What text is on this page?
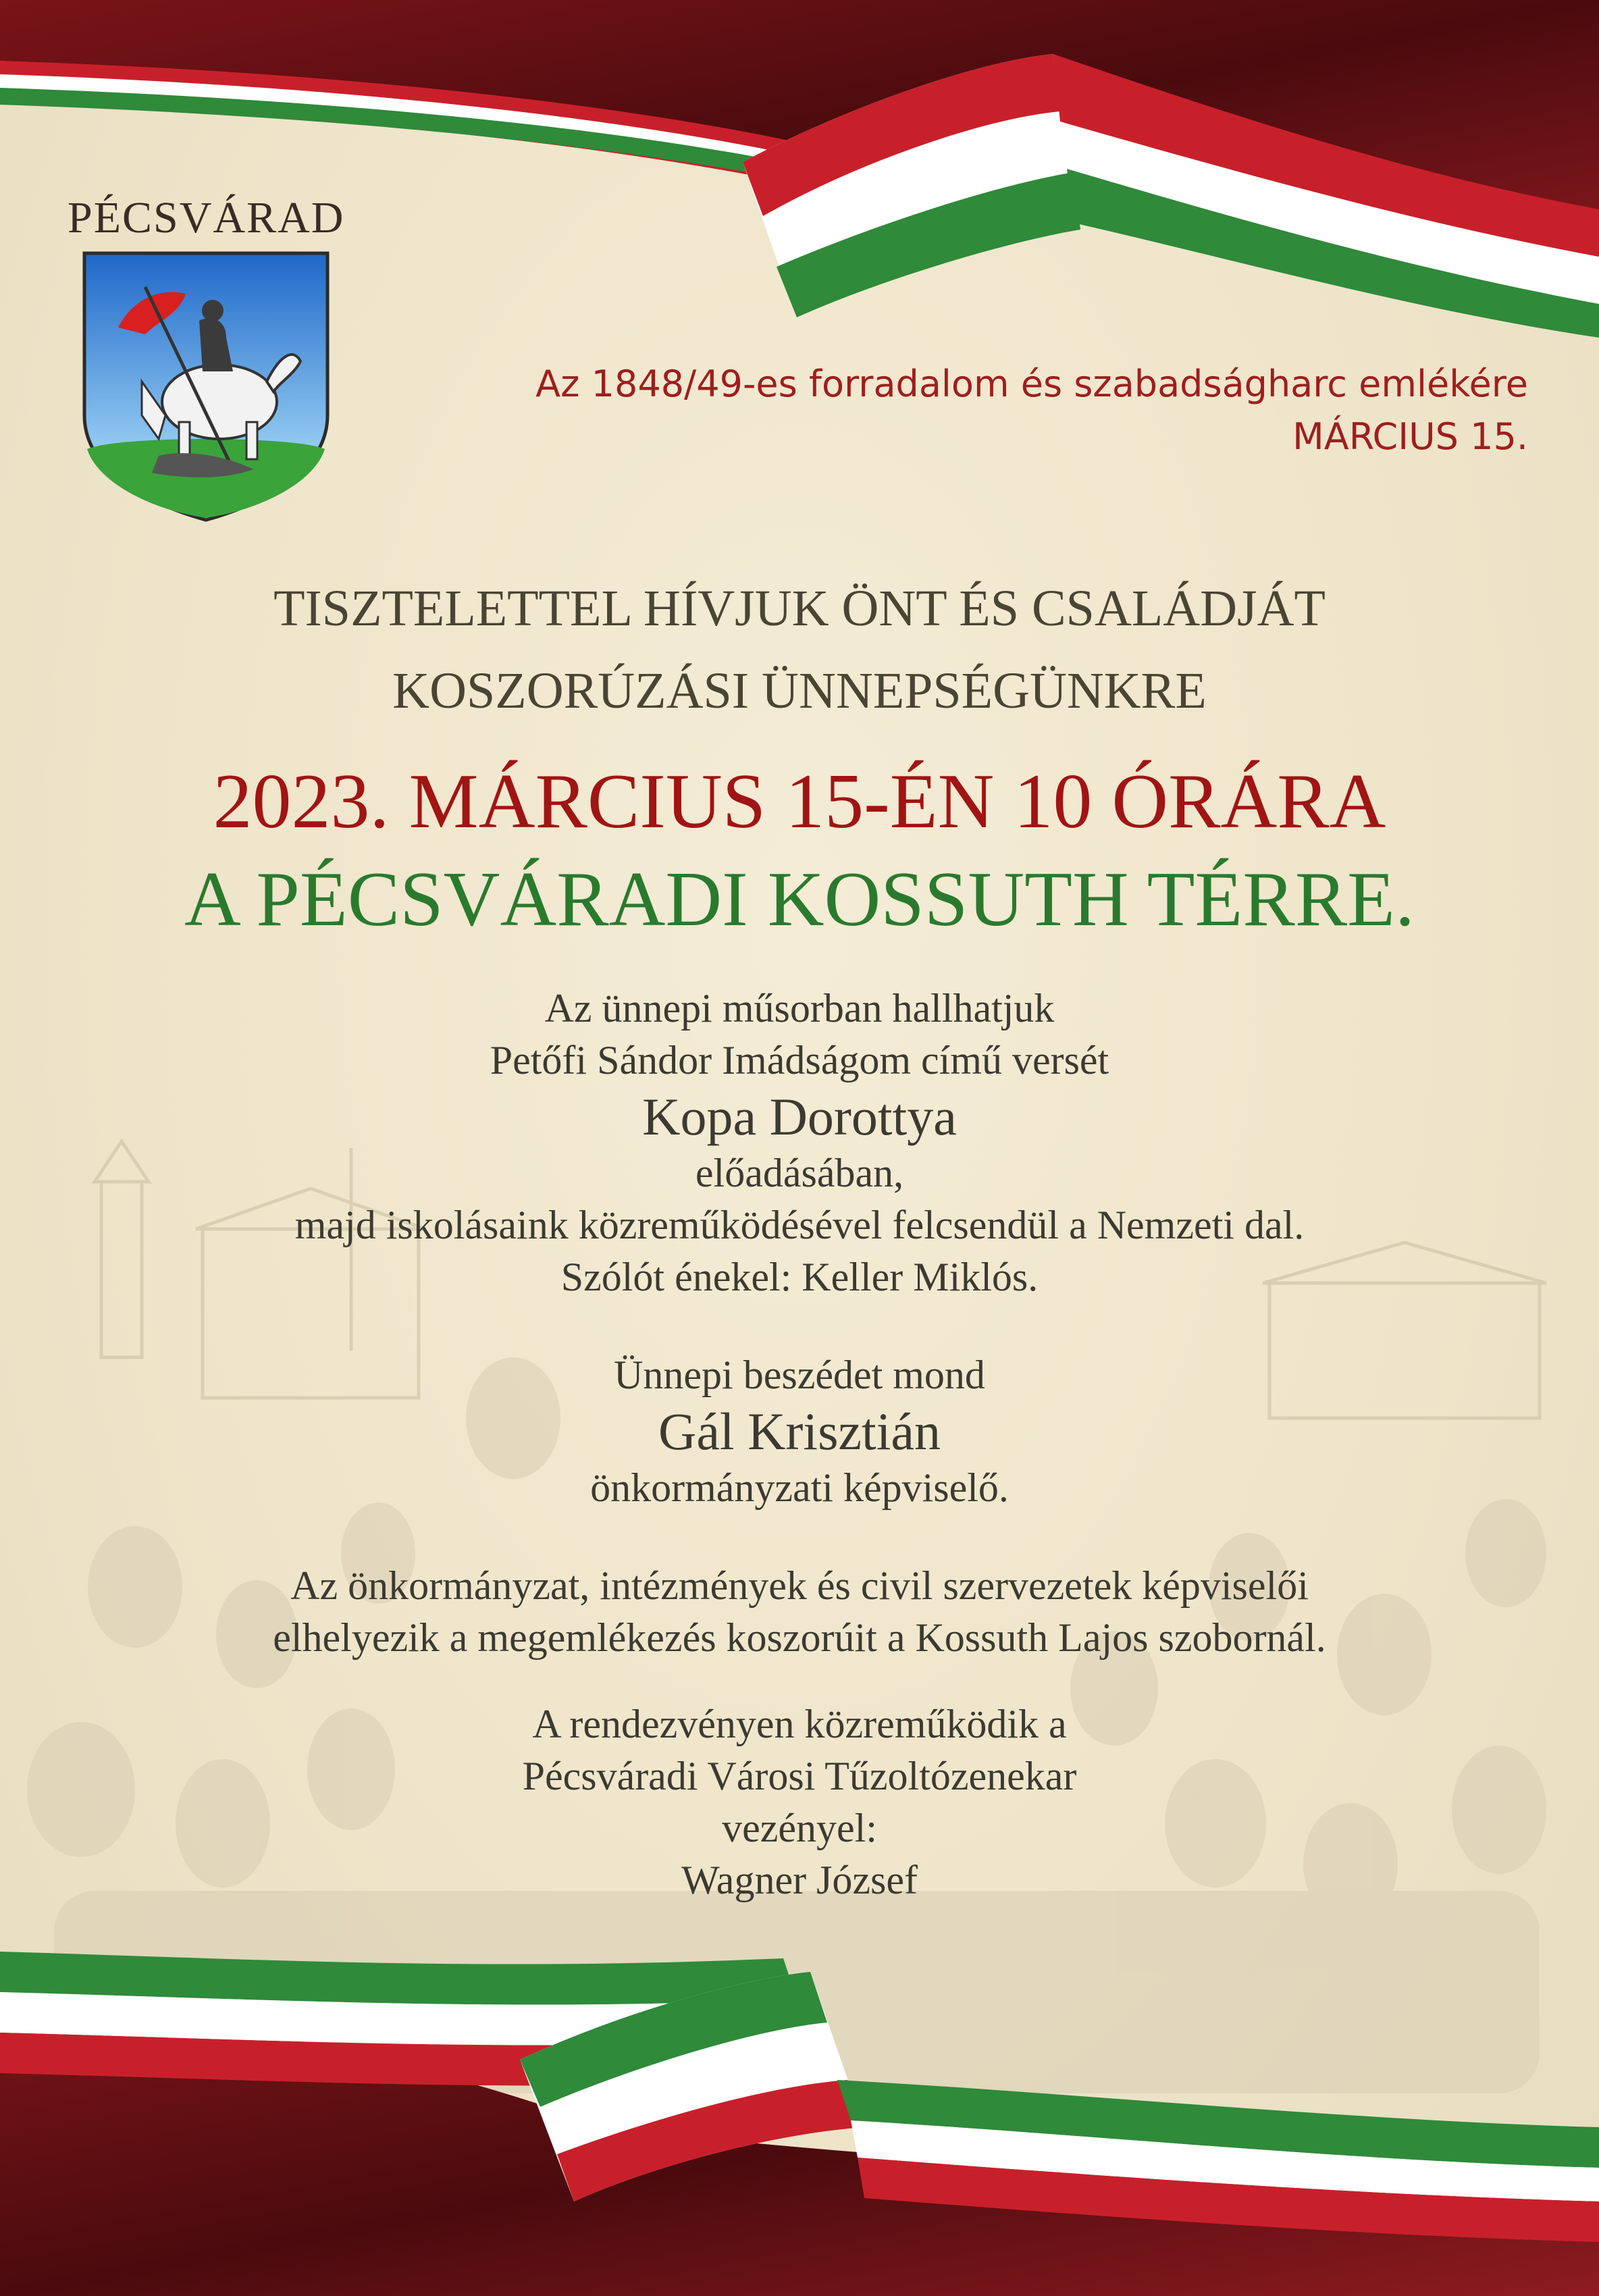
PÉCSVÁRAD
Az 1848/49-es forradalom és szabadságharc emlékére
MÁRCIUS 15.
TISZTELETTEL HÍVJUK ÖNT ÉS CSALÁDJÁT
KOSZORÚZÁSI ÜNNEPSÉGÜNKRE
2023. MÁRCIUS 15-ÉN 10 ÓRÁRA
A PÉCSVÁRADI KOSSUTH TÉRRE.
Az ünnepi műsorban hallhatjuk
Petőfi Sándor Imádságom című versét
Kopa Dorottya
előadásában,
majd iskolásaink közreműködésével felcsendül a Nemzeti dal.
Szólót énekel: Keller Miklós.
Ünnepi beszédet mond
Gál Krisztián
önkormányzati képviselő.
Az önkormányzat, intézmények és civil szervezetek képviselői
elhelyezik a megemlékezés koszorúit a Kossuth Lajos szobornál.
A rendezvényen közreműködik a
Pécsváradi Városi Tűzoltózenekar
vezényel:
Wagner József
